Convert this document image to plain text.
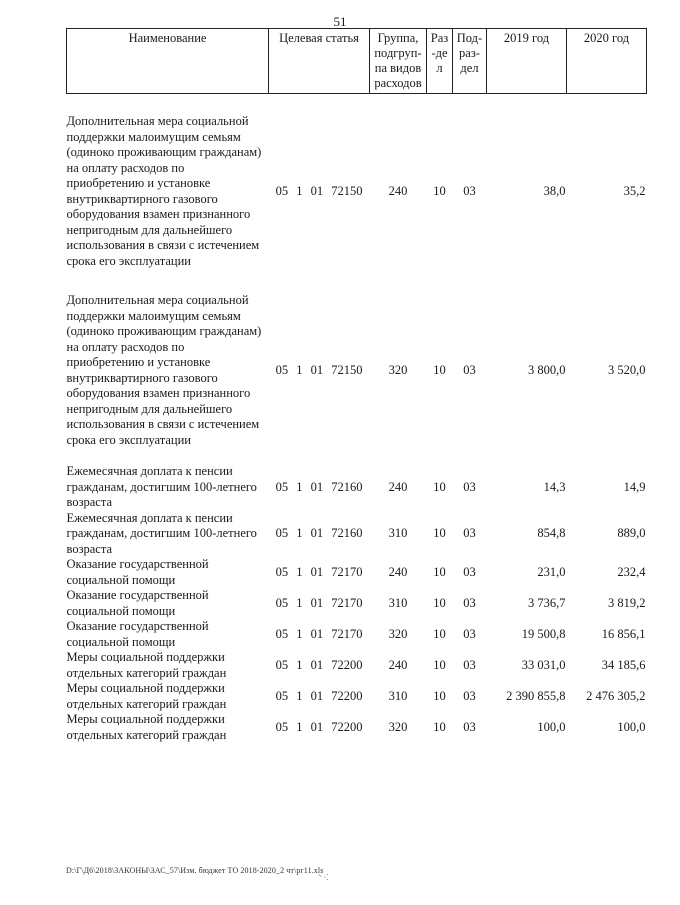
51
Наименование	Целевая статья	Группа, подгруп-па видов расходов	Раз-дел	Под-раз-дел	2019 год	2020 год

Дополнительная мера социальной поддержки малоимущим семьям (одиноко проживающим гражданам) на оплату расходов по приобретению и установке внутриквартирного газового оборудования взамен признанного непригодным для дальнейшего использования в связи с истечением срока его эксплуатации	05 1 01 72150	240	10	03	38,0	35,2

Дополнительная мера социальной поддержки малоимущим семьям (одиноко проживающим гражданам) на оплату расходов по приобретению и установке внутриквартирного газового оборудования взамен признанного непригодным для дальнейшего использования в связи с истечением срока его эксплуатации	05 1 01 72150	320	10	03	3 800,0	3 520,0

Ежемесячная доплата к пенсии гражданам, достигшим 100-летнего возраста	05 1 01 72160	240	10	03	14,3	14,9
Ежемесячная доплата к пенсии гражданам, достигшим 100-летнего возраста	05 1 01 72160	310	10	03	854,8	889,0
Оказание государственной социальной помощи	05 1 01 72170	240	10	03	231,0	232,4
Оказание государственной социальной помощи	05 1 01 72170	310	10	03	3 736,7	3 819,2
Оказание государственной социальной помощи	05 1 01 72170	320	10	03	19 500,8	16 856,1
Меры социальной поддержки отдельных категорий граждан	05 1 01 72200	240	10	03	33 031,0	34 185,6
Меры социальной поддержки отдельных категорий граждан	05 1 01 72200	310	10	03	2 390 855,8	2 476 305,2
Меры социальной поддержки отдельных категорий граждан	05 1 01 72200	320	10	03	100,0	100,0
D:\Г\Д6\2018\ЗАКОНЫ\ЗАС_57\Изм. бюджет ТО 2018-2020_2 чт\рг11.xls
⸌ ⁖
